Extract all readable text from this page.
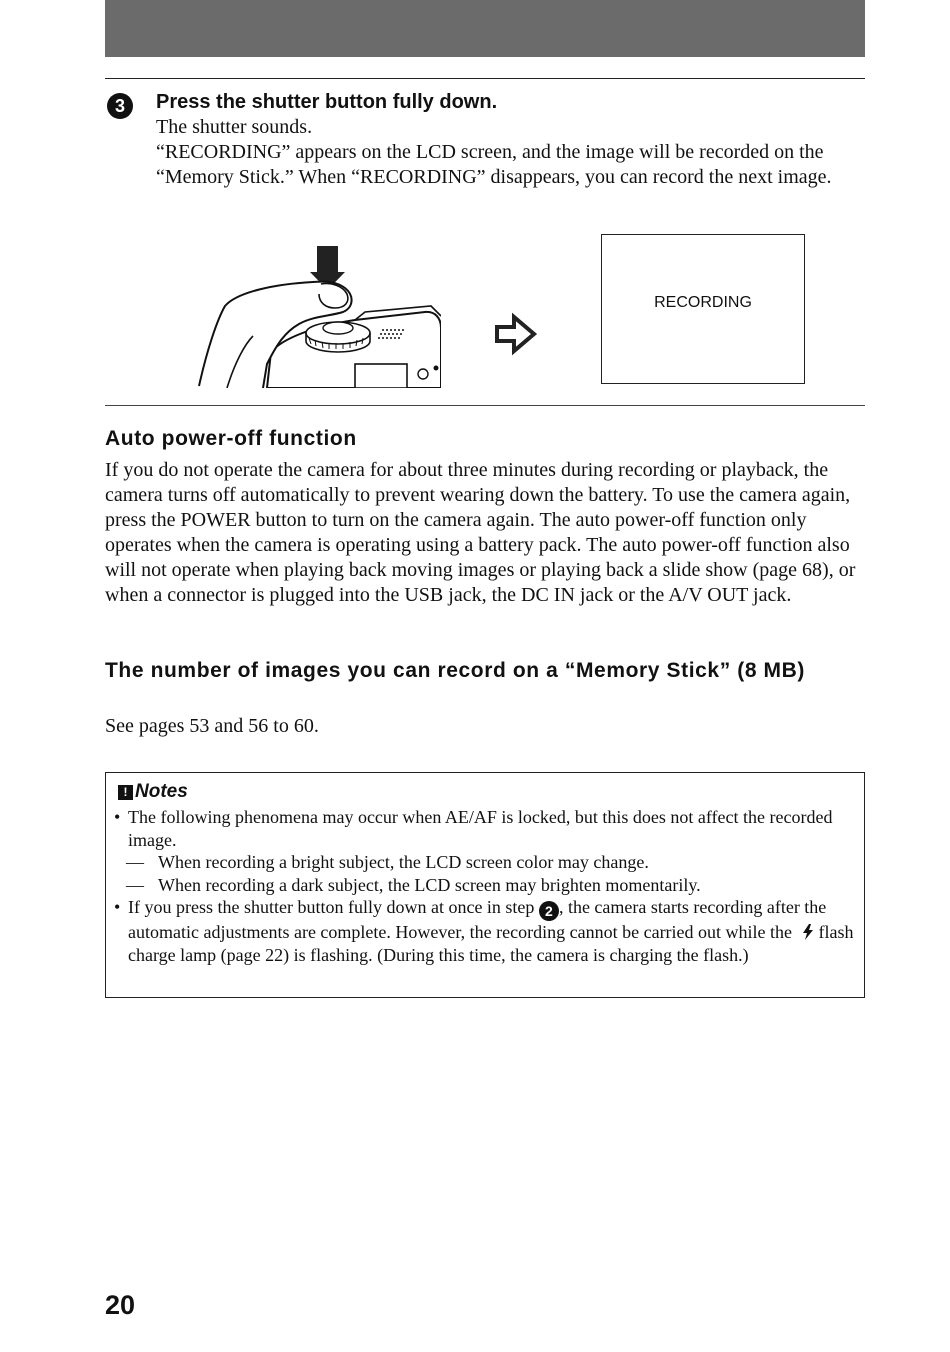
3	Press the shutter button fully down.

The shutter sounds.

“RECORDING” appears on the LCD screen, and the image will be recorded on the “Memory Stick.” When “RECORDING” disappears, you can record the next image.

RECORDING
Auto power-off function

If you do not operate the camera for about three minutes during recording or playback, the camera turns off automatically to prevent wearing down the battery. To use the camera again, press the POWER button to turn on the camera again. The auto power-off function only operates when the camera is operating using a battery pack. The auto power-off function also will not operate when playing back moving images or playing back a slide show (page 68), or when a connector is plugged into the USB jack, the DC IN jack or the A/V OUT jack.

The number of images you can record on a “Memory Stick” (8 MB)

See pages 53 and 56 to 60.

! Notes
• The following phenomena may occur when AE/AF is locked, but this does not affect the recorded image.
— When recording a bright subject, the LCD screen color may change.
— When recording a dark subject, the LCD screen may brighten momentarily.
• If you press the shutter button fully down at once in step 2 , the camera starts recording after the automatic adjustments are complete. However, the recording cannot be carried out while the flash charge lamp (page 22) is flashing. (During this time, the camera is charging the flash.)
20
